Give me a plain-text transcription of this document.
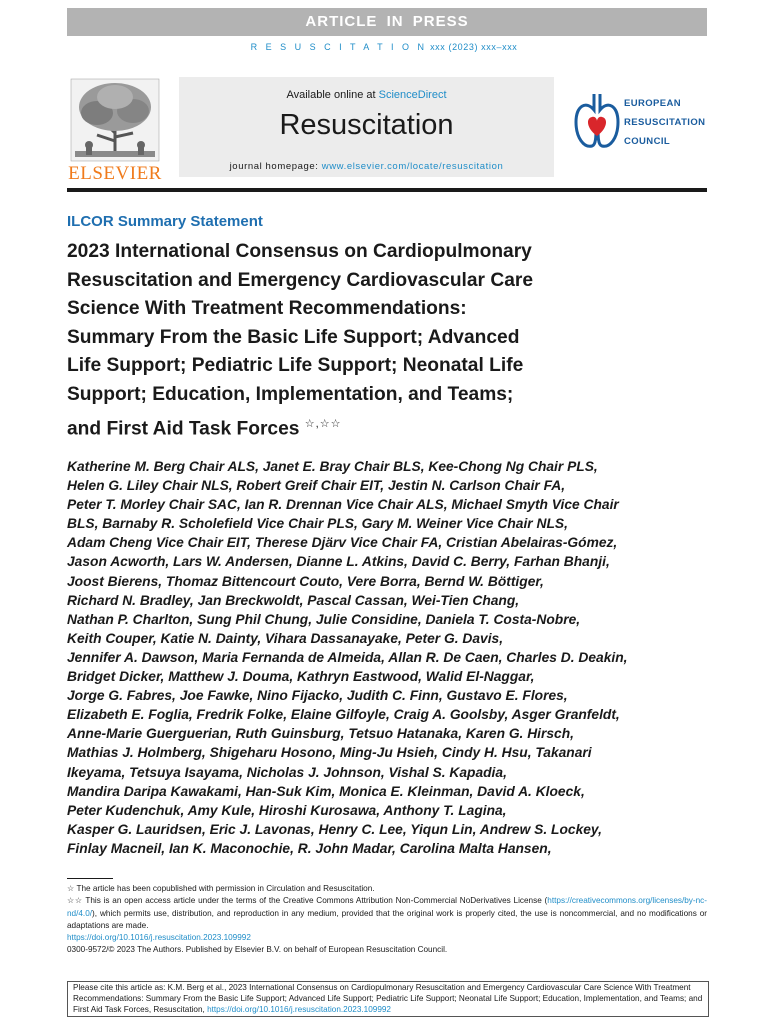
ARTICLE IN PRESS
R E S U S C I T A T I O N xxx (2023) xxx–xxx
ELSEVIER
Available online at ScienceDirect
Resuscitation
journal homepage: www.elsevier.com/locate/resuscitation
EUROPEAN
RESUSCITATION
COUNCIL
ILCOR Summary Statement
2023 International Consensus on Cardiopulmonary
Resuscitation and Emergency Cardiovascular Care
Science With Treatment Recommendations:
Summary From the Basic Life Support; Advanced
Life Support; Pediatric Life Support; Neonatal Life
Support; Education, Implementation, and Teams;
and First Aid Task Forces ☆,☆☆
Katherine M. Berg Chair ALS, Janet E. Bray Chair BLS, Kee-Chong Ng Chair PLS,
Helen G. Liley Chair NLS, Robert Greif Chair EIT, Jestin N. Carlson Chair FA,
Peter T. Morley Chair SAC, Ian R. Drennan Vice Chair ALS, Michael Smyth Vice Chair
BLS, Barnaby R. Scholefield Vice Chair PLS, Gary M. Weiner Vice Chair NLS,
Adam Cheng Vice Chair EIT, Therese Djärv Vice Chair FA, Cristian Abelairas-Gómez,
Jason Acworth, Lars W. Andersen, Dianne L. Atkins, David C. Berry, Farhan Bhanji,
Joost Bierens, Thomaz Bittencourt Couto, Vere Borra, Bernd W. Böttiger,
Richard N. Bradley, Jan Breckwoldt, Pascal Cassan, Wei-Tien Chang,
Nathan P. Charlton, Sung Phil Chung, Julie Considine, Daniela T. Costa-Nobre,
Keith Couper, Katie N. Dainty, Vihara Dassanayake, Peter G. Davis,
Jennifer A. Dawson, Maria Fernanda de Almeida, Allan R. De Caen, Charles D. Deakin,
Bridget Dicker, Matthew J. Douma, Kathryn Eastwood, Walid El-Naggar,
Jorge G. Fabres, Joe Fawke, Nino Fijacko, Judith C. Finn, Gustavo E. Flores,
Elizabeth E. Foglia, Fredrik Folke, Elaine Gilfoyle, Craig A. Goolsby, Asger Granfeldt,
Anne-Marie Guerguerian, Ruth Guinsburg, Tetsuo Hatanaka, Karen G. Hirsch,
Mathias J. Holmberg, Shigeharu Hosono, Ming-Ju Hsieh, Cindy H. Hsu, Takanari
Ikeyama, Tetsuya Isayama, Nicholas J. Johnson, Vishal S. Kapadia,
Mandira Daripa Kawakami, Han-Suk Kim, Monica E. Kleinman, David A. Kloeck,
Peter Kudenchuk, Amy Kule, Hiroshi Kurosawa, Anthony T. Lagina,
Kasper G. Lauridsen, Eric J. Lavonas, Henry C. Lee, Yiqun Lin, Andrew S. Lockey,
Finlay Macneil, Ian K. Maconochie, R. John Madar, Carolina Malta Hansen,
☆ The article has been copublished with permission in Circulation and Resuscitation.
☆☆ This is an open access article under the terms of the Creative Commons Attribution Non-Commercial NoDerivatives License (https://creativecommons.org/licenses/by-nc-nd/4.0/), which permits use, distribution, and reproduction in any medium, provided that the original work is properly cited, the use is noncommercial, and no modifications or adaptations are made.
https://doi.org/10.1016/j.resuscitation.2023.109992
0300-9572/© 2023 The Authors. Published by Elsevier B.V. on behalf of European Resuscitation Council.
Please cite this article as: K.M. Berg et al., 2023 International Consensus on Cardiopulmonary Resuscitation and Emergency Cardiovascular Care Science With Treatment Recommendations: Summary From the Basic Life Support; Advanced Life Support; Pediatric Life Support; Neonatal Life Support; Education, Implementation, and Teams; and First Aid Task Forces, Resuscitation, https://doi.org/10.1016/j.resuscitation.2023.109992
